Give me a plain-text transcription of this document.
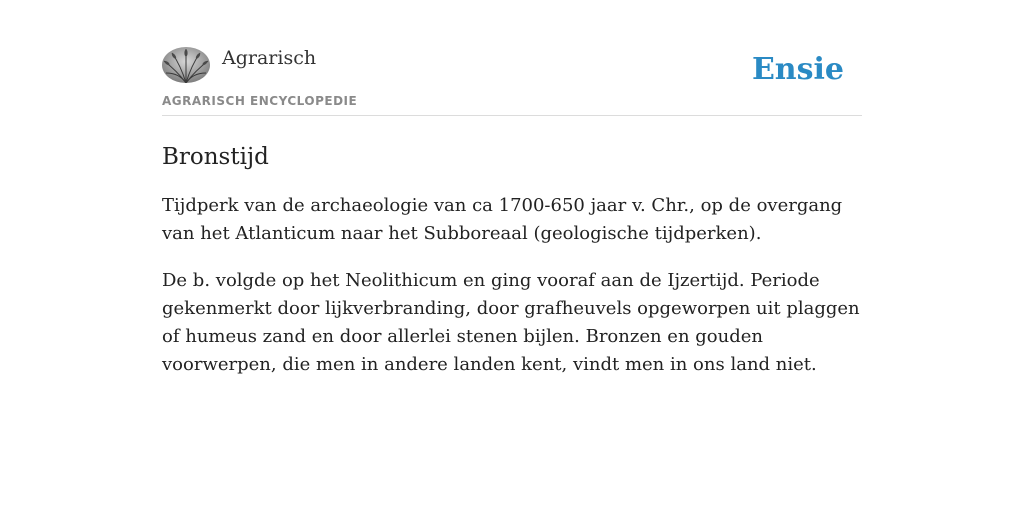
Agrarisch
AGRARISCH ENCYCLOPEDIE
Ensie
Bronstijd

Tijdperk van de archaeologie van ca 1700-650 jaar v. Chr., op de overgang van het Atlanticum naar het Subboreaal (geologische tijdperken).

De b. volgde op het Neolithicum en ging vooraf aan de Ijzertijd. Periode gekenmerkt door lijkverbranding, door grafheuvels opgeworpen uit plaggen of humeus zand en door allerlei stenen bijlen. Bronzen en gouden voorwerpen, die men in andere landen kent, vindt men in ons land niet.
